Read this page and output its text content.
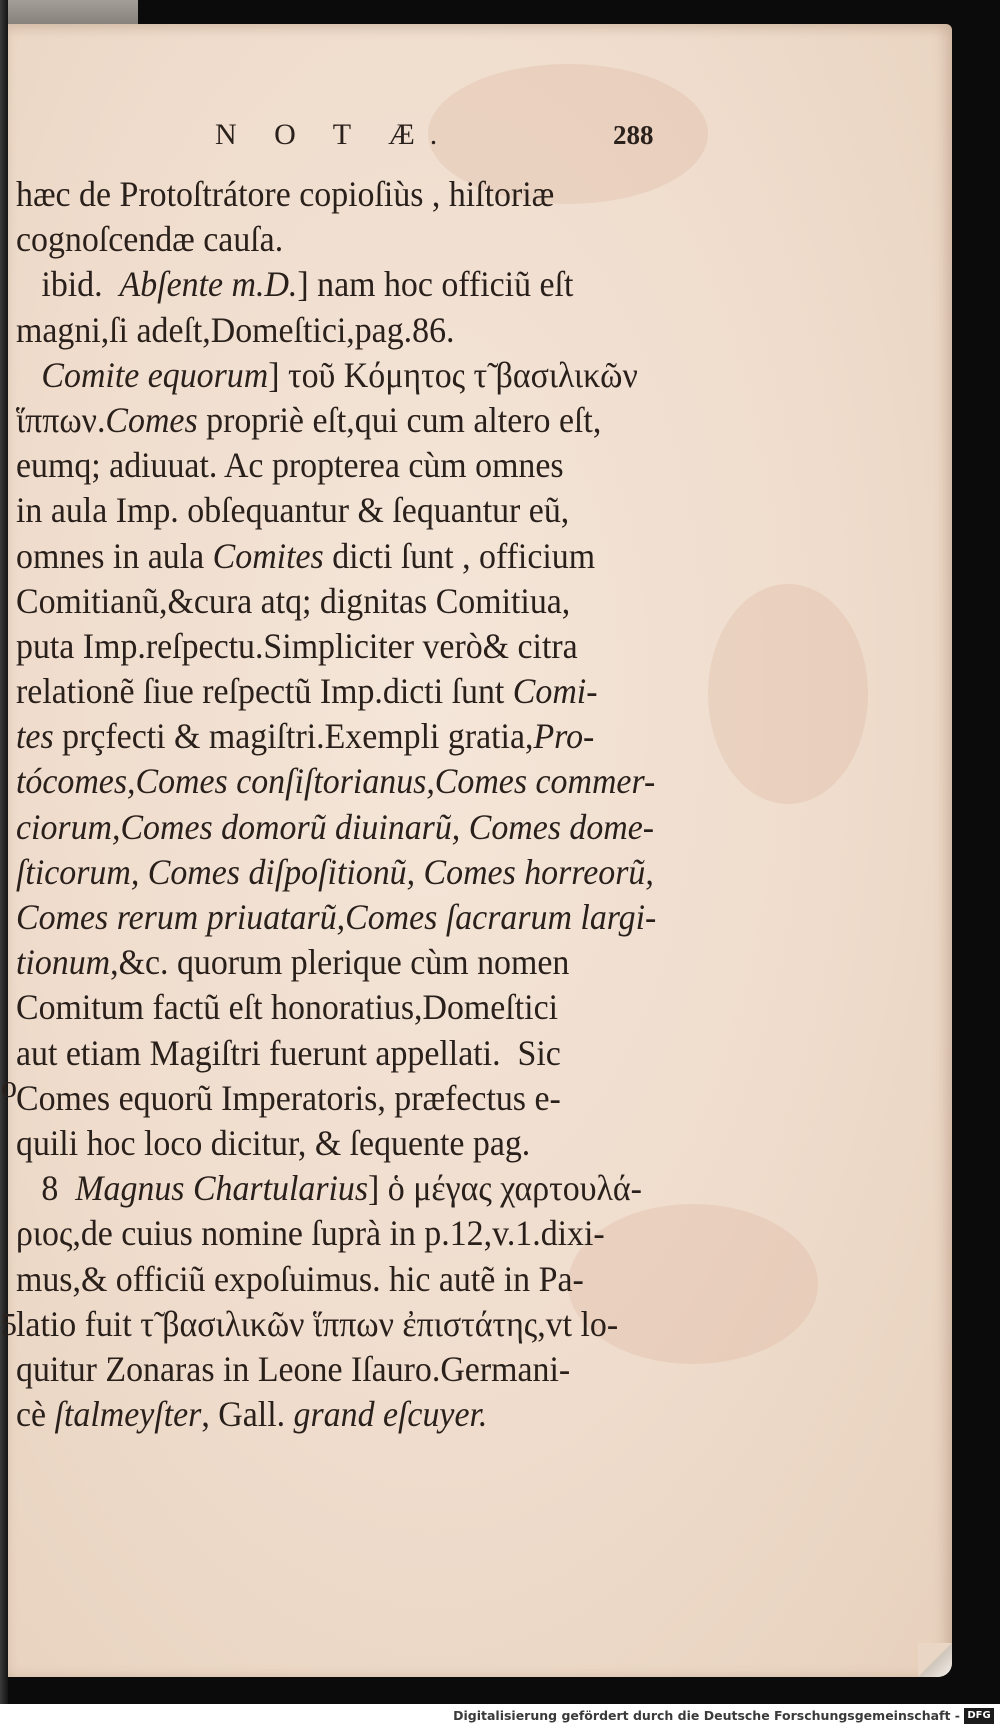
N O T Æ.	288
hæc de Protoſtrátore copioſiùs , hiſtoriæ
cognoſcendæ cauſa.
ibid.  Abſente m.D.] nam hoc officiũ eſt
magni,ſi adeſt,Domeſtici,pag.86.
Comite equorum] τοῦ Κόμητος τ̃ βασιλικῶν
ἵππων.Comes propriè eſt,qui cum altero eſt,
eumq; adiuuat. Ac propterea cùm omnes
in aula Imp. obſequantur & ſequantur eũ,
omnes in aula Comites dicti ſunt , officium
Comitianũ,&cura atq; dignitas Comitiua,
puta Imp.reſpectu.Simpliciter verò& citra
relationẽ ſiue reſpectũ Imp.dicti ſunt Comi-
tes prçfecti & magiſtri.Exempli gratia,Pro-
tócomes,Comes conſiſtorianus,Comes commer-
ciorum,Comes domorũ diuinarũ, Comes dome-
ſticorum, Comes diſpoſitionũ, Comes horreorũ,
Comes rerum priuatarũ,Comes ſacrarum largi-
tionum,&c. quorum plerique cùm nomen
Comitum factũ eſt honoratius,Domeſtici
aut etiam Magiſtri fuerunt appellati.  Sic
Comes equorũ Imperatoris, præfectus e-
quili hoc loco dicitur, & ſequente pag.
8  Magnus Chartularius] ὁ μέγας χαρτουλά-
ριος,de cuius nomine ſuprà in p.12,v.1.dixi-
mus,& officiũ expoſuimus. hic autẽ in Pa-
latio fuit τ̃ βασιλικῶν ἵππων ἐπιστάτης,vt lo-
quitur Zonaras in Leone Iſauro.Germani-
cè ſtalmeyſter, Gall. grand eſcuyer.
o
5
Digitalisierung gefördert durch die Deutsche Forschungsgemeinschaft - DFG
